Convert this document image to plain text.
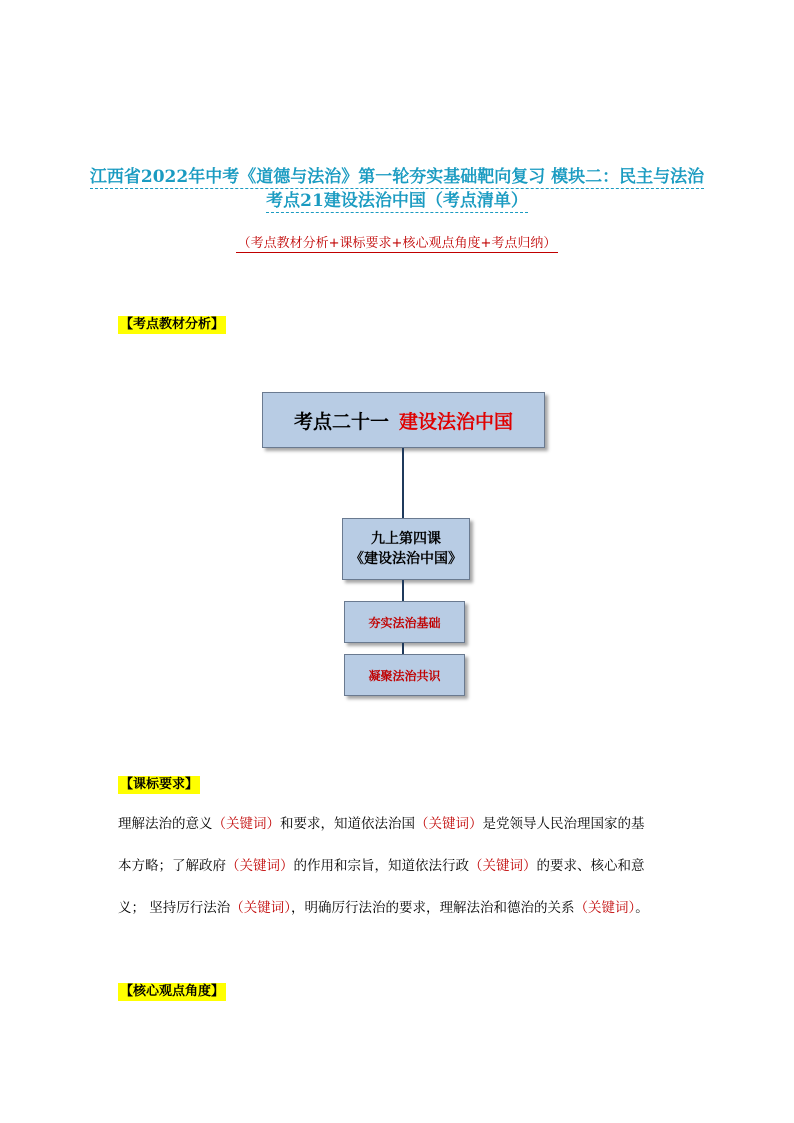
江西省2022年中考《道德与法治》第一轮夯实基础靶向复习 模块二：民主与法治
考点21建设法治中国（考点清单）
（考点教材分析+课标要求+核心观点角度+考点归纳）
【考点教材分析】
考点二十一 建设法治中国
九上第四课
《建设法治中国》
夯实法治基础
凝聚法治共识
【课标要求】
理解法治的意义（关键词）和要求，知道依法治国（关键词）是党领导人民治理国家的基
本方略；了解政府（关键词）的作用和宗旨，知道依法行政（关键词）的要求、核心和意
义； 坚持厉行法治（关键词），明确厉行法治的要求，理解法治和德治的关系（关键词）。
【核心观点角度】
